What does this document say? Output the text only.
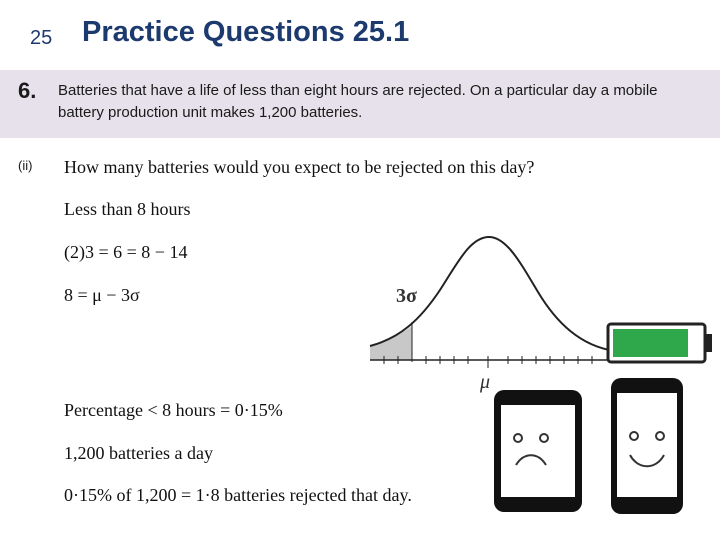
25 Practice Questions 25.1
6. Batteries that have a life of less than eight hours are rejected. On a particular day a mobile battery production unit makes 1,200 batteries.
(ii) How many batteries would you expect to be rejected on this day?
Less than 8 hours
(2)3 = 6 = 8 − 14
8 = μ − 3σ
Percentage < 8 hours = 0·15%
1,200 batteries a day
0·15% of 1,200 = 1·8 batteries rejected that day.
3σ
μ
